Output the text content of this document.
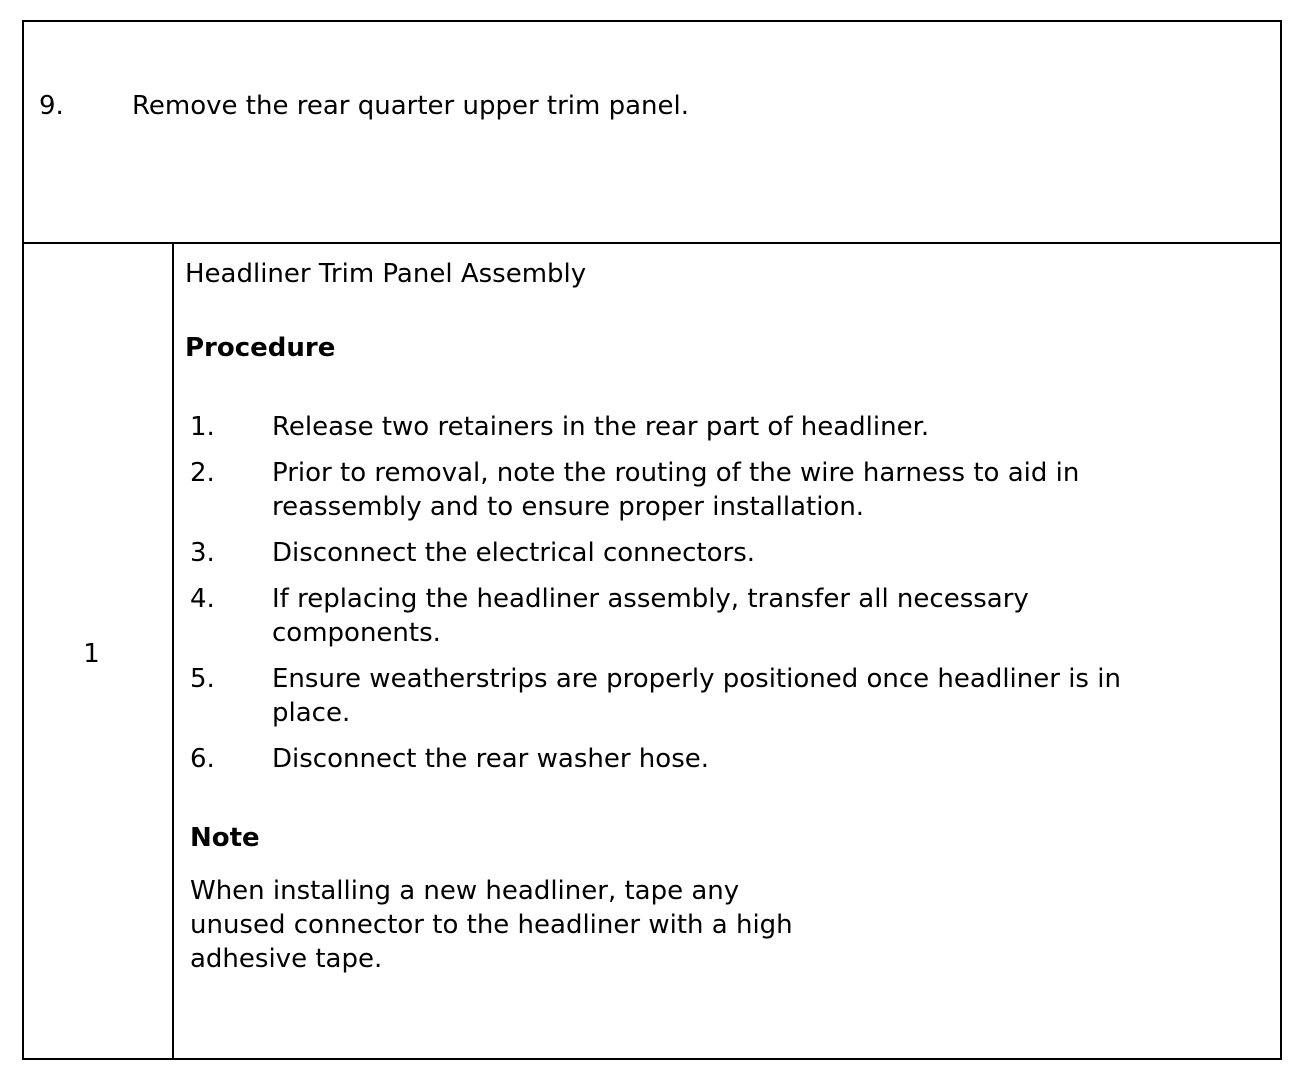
9.	Remove the rear quarter upper trim panel.
1
Headliner Trim Panel Assembly
Procedure
1. Release two retainers in the rear part of headliner.
2. Prior to removal, note the routing of the wire harness to aid in reassembly and to ensure proper installation.
3. Disconnect the electrical connectors.
4. If replacing the headliner assembly, transfer all necessary components.
5. Ensure weatherstrips are properly positioned once headliner is in place.
6. Disconnect the rear washer hose.
Note
When installing a new headliner, tape any unused connector to the headliner with a high adhesive tape.
